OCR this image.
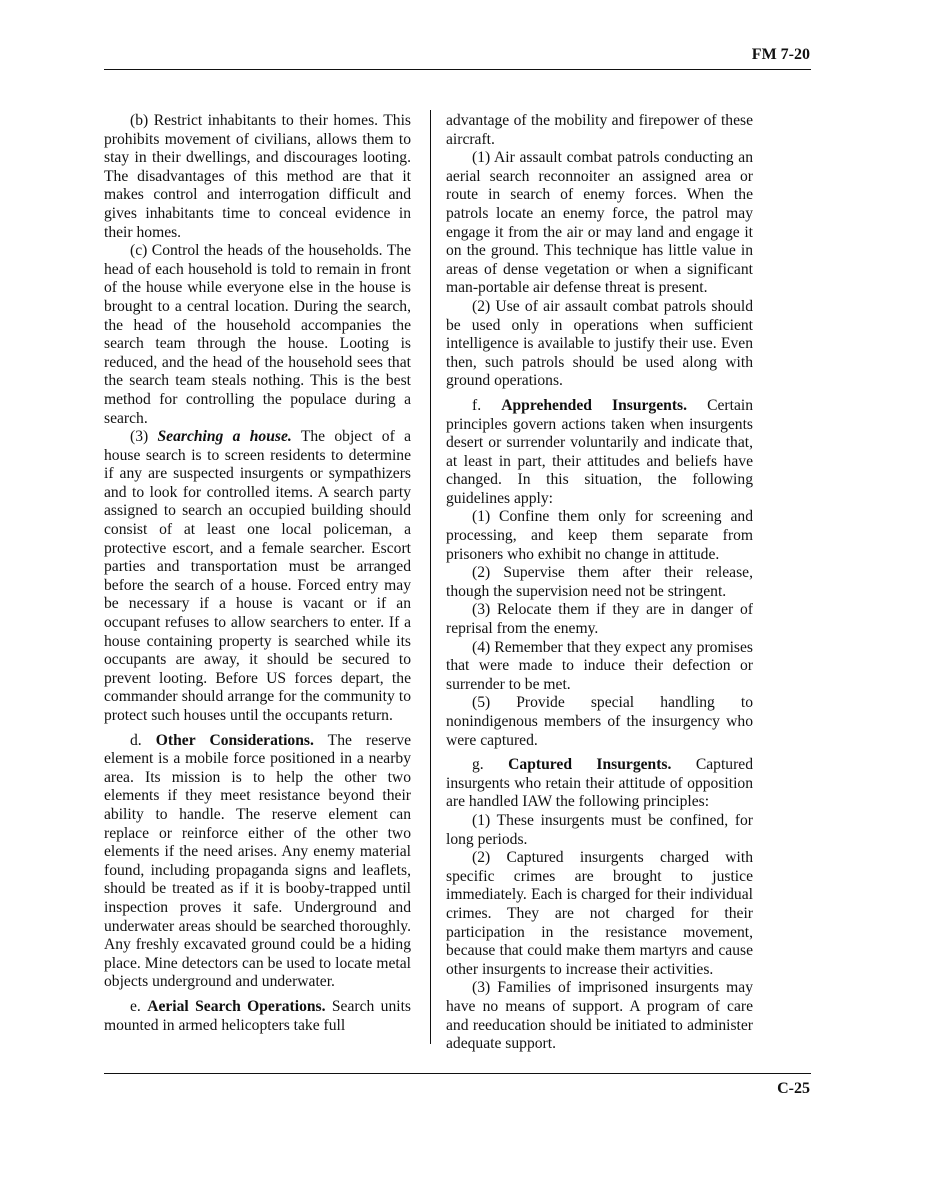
FM 7-20

(b) Restrict inhabitants to their homes. This prohibits movement of civilians, allows them to stay in their dwellings, and discourages looting. The disadvantages of this method are that it makes control and interrogation difficult and gives inhabitants time to conceal evidence in their homes.

(c) Control the heads of the households. The head of each household is told to remain in front of the house while everyone else in the house is brought to a central location. During the search, the head of the household accompanies the search team through the house. Looting is reduced, and the head of the household sees that the search team steals nothing. This is the best method for controlling the populace during a search.

(3) Searching a house. The object of a house search is to screen residents to determine if any are suspected insurgents or sympathizers and to look for controlled items. A search party assigned to search an occupied building should consist of at least one local policeman, a protective escort, and a female searcher. Escort parties and transportation must be arranged before the search of a house. Forced entry may be necessary if a house is vacant or if an occupant refuses to allow searchers to enter. If a house containing property is searched while its occupants are away, it should be secured to prevent looting. Before US forces depart, the commander should arrange for the community to protect such houses until the occupants return.

d. Other Considerations. The reserve element is a mobile force positioned in a nearby area. Its mission is to help the other two elements if they meet resistance beyond their ability to handle. The reserve element can replace or reinforce either of the other two elements if the need arises. Any enemy material found, including propaganda signs and leaflets, should be treated as if it is booby-trapped until inspection proves it safe. Underground and underwater areas should be searched thoroughly. Any freshly excavated ground could be a hiding place. Mine detectors can be used to locate metal objects underground and underwater.

e. Aerial Search Operations. Search units mounted in armed helicopters take full

advantage of the mobility and firepower of these aircraft.

(1) Air assault combat patrols conducting an aerial search reconnoiter an assigned area or route in search of enemy forces. When the patrols locate an enemy force, the patrol may engage it from the air or may land and engage it on the ground. This technique has little value in areas of dense vegetation or when a significant man-portable air defense threat is present.

(2) Use of air assault combat patrols should be used only in operations when sufficient intelligence is available to justify their use. Even then, such patrols should be used along with ground operations.

f. Apprehended Insurgents. Certain principles govern actions taken when insurgents desert or surrender voluntarily and indicate that, at least in part, their attitudes and beliefs have changed. In this situation, the following guidelines apply:

(1) Confine them only for screening and processing, and keep them separate from prisoners who exhibit no change in attitude.

(2) Supervise them after their release, though the supervision need not be stringent.

(3) Relocate them if they are in danger of reprisal from the enemy.

(4) Remember that they expect any promises that were made to induce their defection or surrender to be met.

(5) Provide special handling to nonindigenous members of the insurgency who were captured.

g. Captured Insurgents. Captured insurgents who retain their attitude of opposition are handled IAW the following principles:

(1) These insurgents must be confined, for long periods.

(2) Captured insurgents charged with specific crimes are brought to justice immediately. Each is charged for their individual crimes. They are not charged for their participation in the resistance movement, because that could make them martyrs and cause other insurgents to increase their activities.

(3) Families of imprisoned insurgents may have no means of support. A program of care and reeducation should be initiated to administer adequate support.

C-25
